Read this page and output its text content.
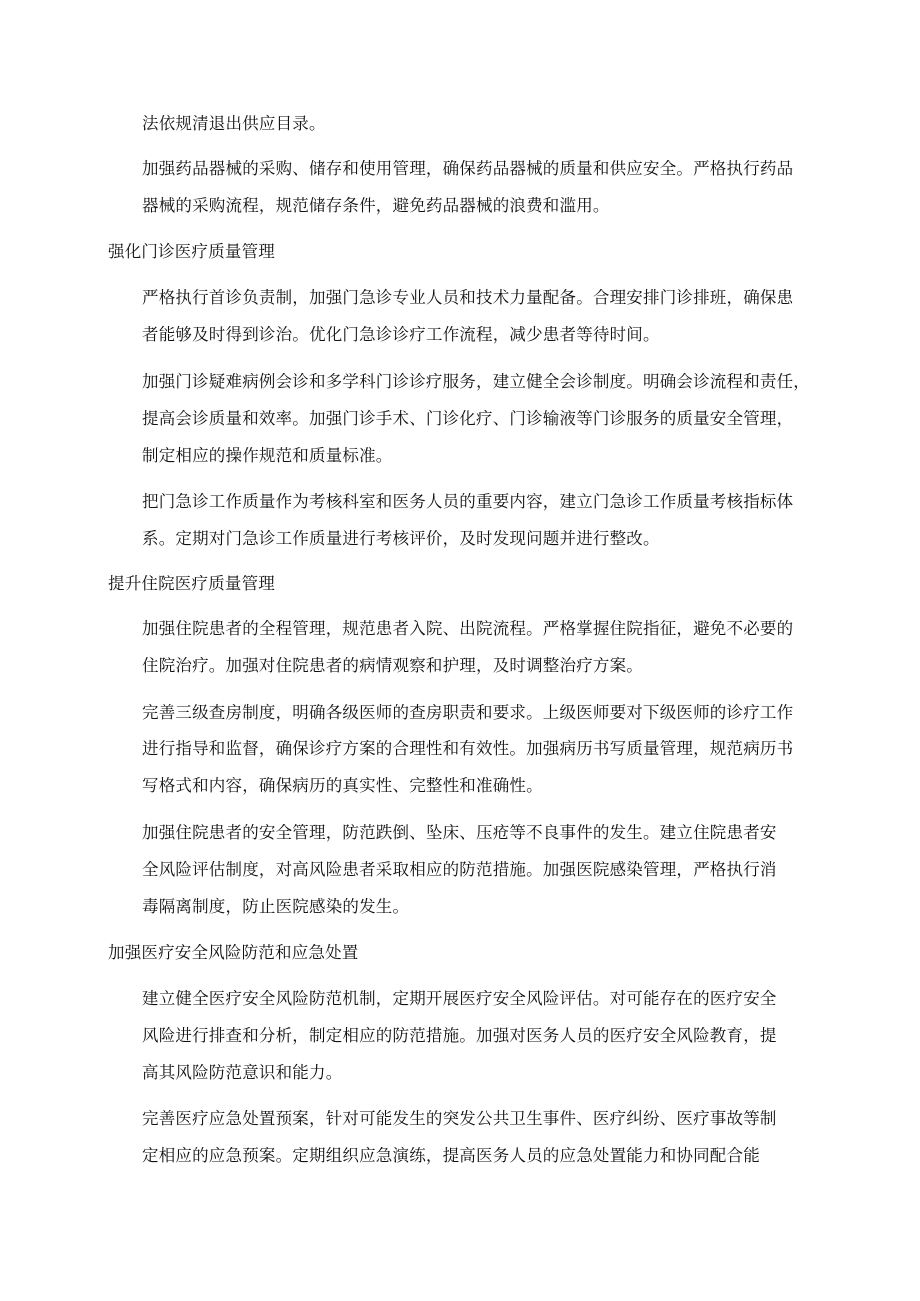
法依规清退出供应目录。
加强药品器械的采购、储存和使用管理，确保药品器械的质量和供应安全。严格执行药品
器械的采购流程，规范储存条件，避免药品器械的浪费和滥用。
强化门诊医疗质量管理
严格执行首诊负责制，加强门急诊专业人员和技术力量配备。合理安排门诊排班，确保患
者能够及时得到诊治。优化门急诊诊疗工作流程，减少患者等待时间。
加强门诊疑难病例会诊和多学科门诊诊疗服务，建立健全会诊制度。明确会诊流程和责任，
提高会诊质量和效率。加强门诊手术、门诊化疗、门诊输液等门诊服务的质量安全管理，
制定相应的操作规范和质量标准。
把门急诊工作质量作为考核科室和医务人员的重要内容，建立门急诊工作质量考核指标体
系。定期对门急诊工作质量进行考核评价，及时发现问题并进行整改。
提升住院医疗质量管理
加强住院患者的全程管理，规范患者入院、出院流程。严格掌握住院指征，避免不必要的
住院治疗。加强对住院患者的病情观察和护理，及时调整治疗方案。
完善三级查房制度，明确各级医师的查房职责和要求。上级医师要对下级医师的诊疗工作
进行指导和监督，确保诊疗方案的合理性和有效性。加强病历书写质量管理，规范病历书
写格式和内容，确保病历的真实性、完整性和准确性。
加强住院患者的安全管理，防范跌倒、坠床、压疮等不良事件的发生。建立住院患者安
全风险评估制度，对高风险患者采取相应的防范措施。加强医院感染管理，严格执行消
毒隔离制度，防止医院感染的发生。
加强医疗安全风险防范和应急处置
建立健全医疗安全风险防范机制，定期开展医疗安全风险评估。对可能存在的医疗安全
风险进行排查和分析，制定相应的防范措施。加强对医务人员的医疗安全风险教育，提
高其风险防范意识和能力。
完善医疗应急处置预案，针对可能发生的突发公共卫生事件、医疗纠纷、医疗事故等制
定相应的应急预案。定期组织应急演练，提高医务人员的应急处置能力和协同配合能
